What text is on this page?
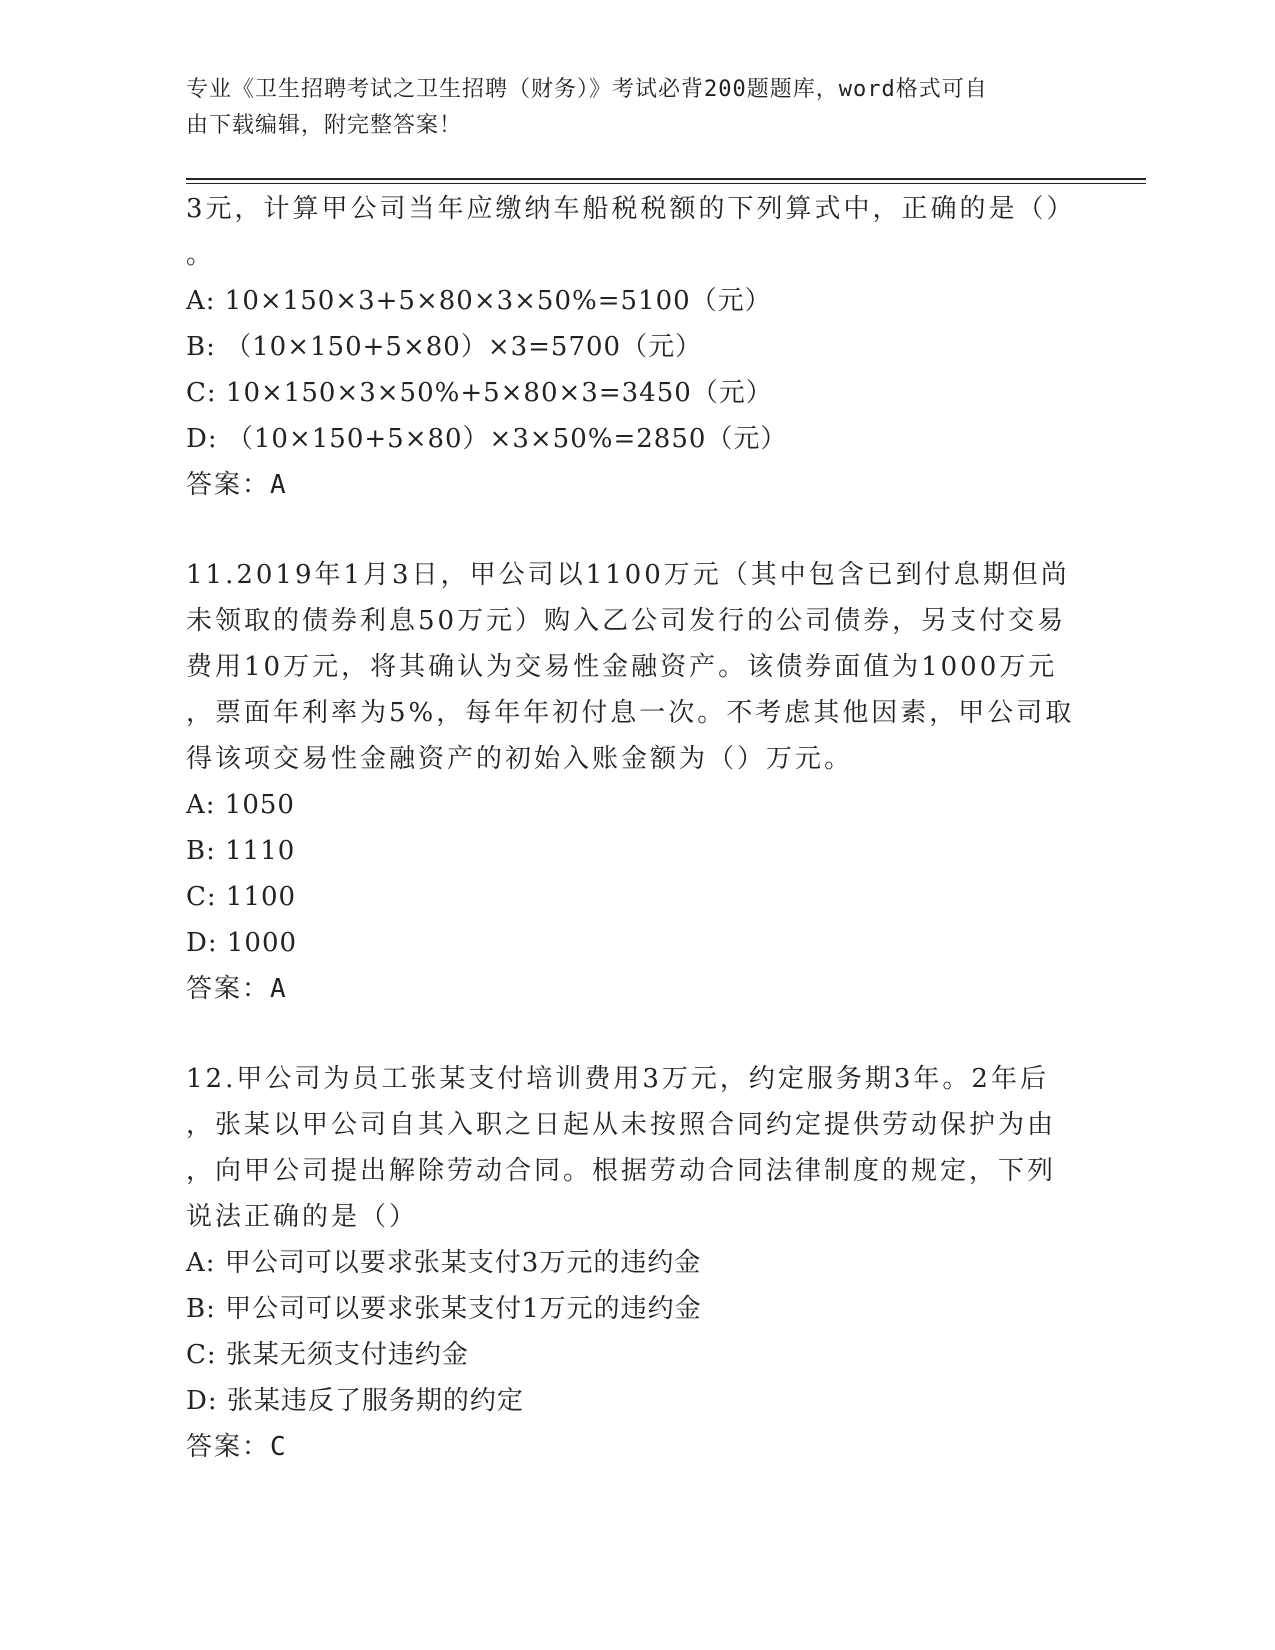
专业《卫生招聘考试之卫生招聘（财务）》考试必背200题题库，word格式可自
由下载编辑，附完整答案！
3元，计算甲公司当年应缴纳车船税税额的下列算式中，正确的是（）
。
A: 10×150×3+5×80×3×50%=5100（元）
B: （10×150+5×80）×3=5700（元）
C: 10×150×3×50%+5×80×3=3450（元）
D: （10×150+5×80）×3×50%=2850（元）
答案：A
11.2019年1月3日，甲公司以1100万元（其中包含已到付息期但尚
未领取的债券利息50万元）购入乙公司发行的公司债券，另支付交易
费用10万元，将其确认为交易性金融资产。该债券面值为1000万元
，票面年利率为5%，每年年初付息一次。不考虑其他因素，甲公司取
得该项交易性金融资产的初始入账金额为（）万元。
A: 1050
B: 1110
C: 1100
D: 1000
答案：A
12.甲公司为员工张某支付培训费用3万元，约定服务期3年。2年后
，张某以甲公司自其入职之日起从未按照合同约定提供劳动保护为由
，向甲公司提出解除劳动合同。根据劳动合同法律制度的规定，下列
说法正确的是（）
A: 甲公司可以要求张某支付3万元的违约金
B: 甲公司可以要求张某支付1万元的违约金
C: 张某无须支付违约金
D: 张某违反了服务期的约定
答案：C
